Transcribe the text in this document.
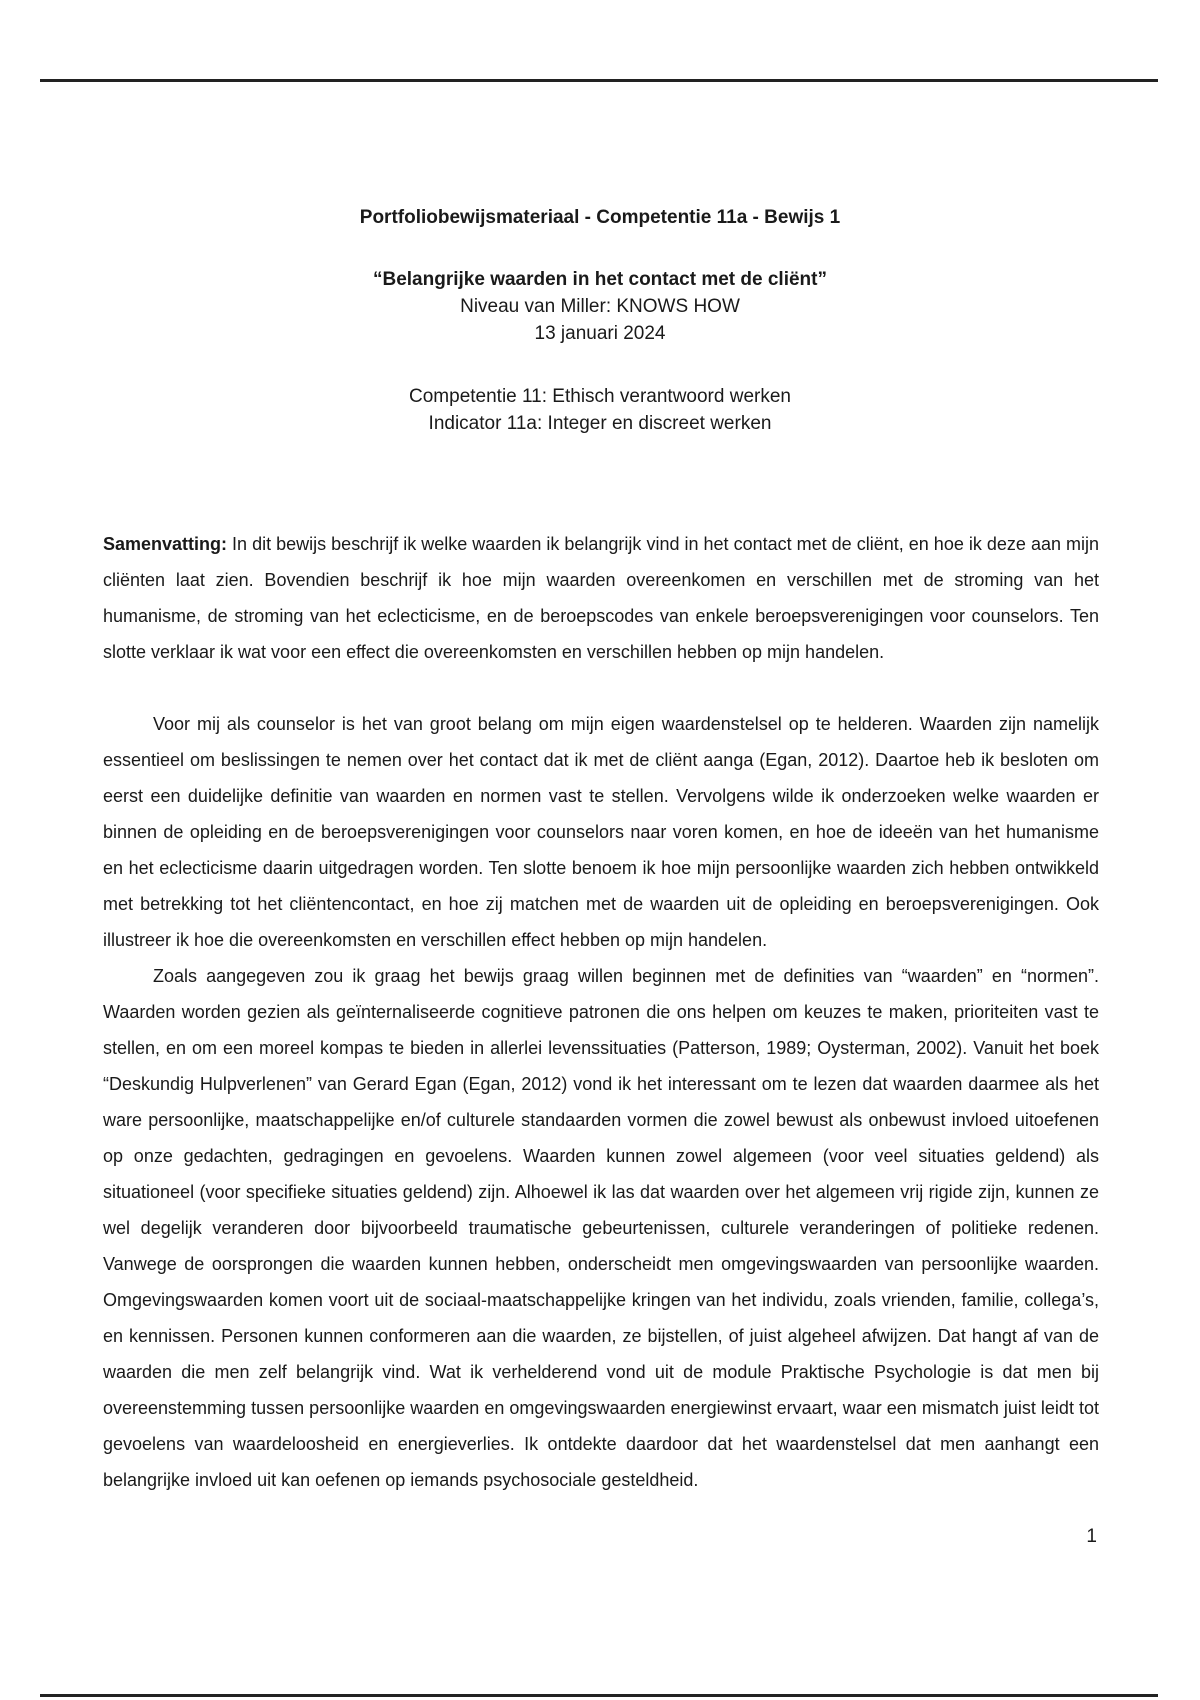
Portfoliobewijsmateriaal - Competentie 11a - Bewijs 1
“Belangrijke waarden in het contact met de cliënt”
Niveau van Miller: KNOWS HOW
13 januari 2024
Competentie 11: Ethisch verantwoord werken
Indicator 11a: Integer en discreet werken

Samenvatting: In dit bewijs beschrijf ik welke waarden ik belangrijk vind in het contact met de cliënt, en hoe ik deze aan mijn cliënten laat zien. Bovendien beschrijf ik hoe mijn waarden overeenkomen en verschillen met de stroming van het humanisme, de stroming van het eclecticisme, en de beroepscodes van enkele beroepsverenigingen voor counselors. Ten slotte verklaar ik wat voor een effect die overeenkomsten en verschillen hebben op mijn handelen.

Voor mij als counselor is het van groot belang om mijn eigen waardenstelsel op te helderen. Waarden zijn namelijk essentieel om beslissingen te nemen over het contact dat ik met de cliënt aanga (Egan, 2012). Daartoe heb ik besloten om eerst een duidelijke definitie van waarden en normen vast te stellen. Vervolgens wilde ik onderzoeken welke waarden er binnen de opleiding en de beroepsverenigingen voor counselors naar voren komen, en hoe de ideeën van het humanisme en het eclecticisme daarin uitgedragen worden. Ten slotte benoem ik hoe mijn persoonlijke waarden zich hebben ontwikkeld met betrekking tot het cliëntencontact, en hoe zij matchen met de waarden uit de opleiding en beroepsverenigingen. Ook illustreer ik hoe die overeenkomsten en verschillen effect hebben op mijn handelen.

Zoals aangegeven zou ik graag het bewijs graag willen beginnen met de definities van “waarden” en “normen”. Waarden worden gezien als geïnternaliseerde cognitieve patronen die ons helpen om keuzes te maken, prioriteiten vast te stellen, en om een moreel kompas te bieden in allerlei levenssituaties (Patterson, 1989; Oysterman, 2002). Vanuit het boek “Deskundig Hulpverlenen” van Gerard Egan (Egan, 2012) vond ik het interessant om te lezen dat waarden daarmee als het ware persoonlijke, maatschappelijke en/of culturele standaarden vormen die zowel bewust als onbewust invloed uitoefenen op onze gedachten, gedragingen en gevoelens. Waarden kunnen zowel algemeen (voor veel situaties geldend) als situationeel (voor specifieke situaties geldend) zijn. Alhoewel ik las dat waarden over het algemeen vrij rigide zijn, kunnen ze wel degelijk veranderen door bijvoorbeeld traumatische gebeurtenissen, culturele veranderingen of politieke redenen. Vanwege de oorsprongen die waarden kunnen hebben, onderscheidt men omgevingswaarden van persoonlijke waarden. Omgevingswaarden komen voort uit de sociaal-maatschappelijke kringen van het individu, zoals vrienden, familie, collega’s, en kennissen. Personen kunnen conformeren aan die waarden, ze bijstellen, of juist algeheel afwijzen. Dat hangt af van de waarden die men zelf belangrijk vind. Wat ik verhelderend vond uit de module Praktische Psychologie is dat men bij overeenstemming tussen persoonlijke waarden en omgevingswaarden energiewinst ervaart, waar een mismatch juist leidt tot gevoelens van waardeloosheid en energieverlies. Ik ontdekte daardoor dat het waardenstelsel dat men aanhangt een belangrijke invloed uit kan oefenen op iemands psychosociale gesteldheid.

1
